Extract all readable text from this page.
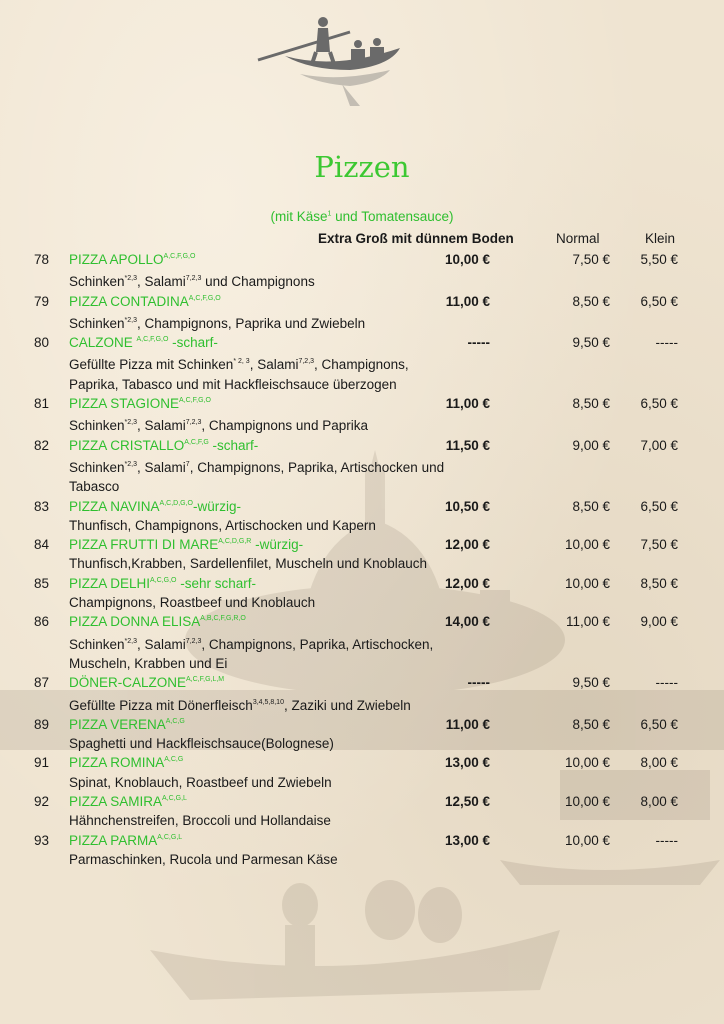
Pizzen
(mit Käse$^1$ und Tomatensauce)
Extra Groß mit dünnem Boden	Normal	Klein
78 PIZZA $APOLLO^{A,C,F,G,O}$	10,00 €	7,50 € 5,50 €
Schinken$^{*2,3}$, Salami$^{7,2,3}$ und Champignons
79 PIZZA $CONTADINA^{A,C,F,G,O}$	11,00 €	8,50 € 6,50 €
Schinken$^{*2,3}$, Champignons, Paprika und Zwiebeln
80 CALZONE $^{A,C,F,G,O}$ -scharf-	-----	9,50 €	-----
Gefüllte Pizza mit Schinken$^{* 2, 3}$, Salami$^{7,2,3}$, Champignons, Paprika, Tabasco und mit Hackfleischsauce überzogen
81 PIZZA $STAGIONE^{A,C,F,G,O}$	11,00 €	8,50 € 6,50 €
Schinken$^{*2,3}$, Salami$^{7,2,3}$, Champignons und Paprika
82 PIZZA $CRISTALLO^{A,C,F,G}$ -scharf-	11,50 €	9,00 € 7,00 €
Schinken$^{*2,3}$, Salami$^7$, Champignons, Paprika, Artischocken und Tabasco
83 PIZZA $NAVINA^{A,C,D,G,O}-würzig-$	10,50 €	8,50 € 6,50 €
Thunfisch, Champignons, Artischocken und Kapern
84 PIZZA FRUTTI DI $MARE^{A,C,D,G,R}$ -würzig-	12,00 €	10,00 € 7,50 €
Thunfisch,Krabben, Sardellenfilet, Muscheln und Knoblauch
85 PIZZA $DELHI^{A,C,G,O}$ -sehr scharf-	12,00 €	10,00 € 8,50 €
Champignons, Roastbeef und Knoblauch
86 PIZZA DONNA $ELISA^{A,B,C,F,G,R,O}$	14,00 €	11,00 € 9,00 €
Schinken$^{*2,3}$, Salami$^{7,2,3}$, Champignons, Paprika, Artischocken, Muscheln, Krabben und Ei
87 DÖNER-$CALZONE^{A,C,F,G,L,M}$	-----	9,50 €	-----
Gefüllte Pizza mit Dönerfleisch$^{3,4,5,8,10}$, Zaziki und Zwiebeln
89 PIZZA $VERENA^{A,C,G}$	11,00 €	8,50 € 6,50 €
Spaghetti und Hackfleischsauce(Bolognese)
91 PIZZA $ROMINA^{A,C,G}$	13,00 €	10,00 € 8,00 €
Spinat, Knoblauch, Roastbeef und Zwiebeln
92 PIZZA $SAMIRA^{A,C,G,L}$	12,50 €	10,00 € 8,00 €
Hähnchenstreifen, Broccoli und Hollandaise
93 PIZZA $PARMA^{A,C,G,L}$	13,00 €	10,00 €	-----
Parmaschinken, Rucola und Parmesan Käse
